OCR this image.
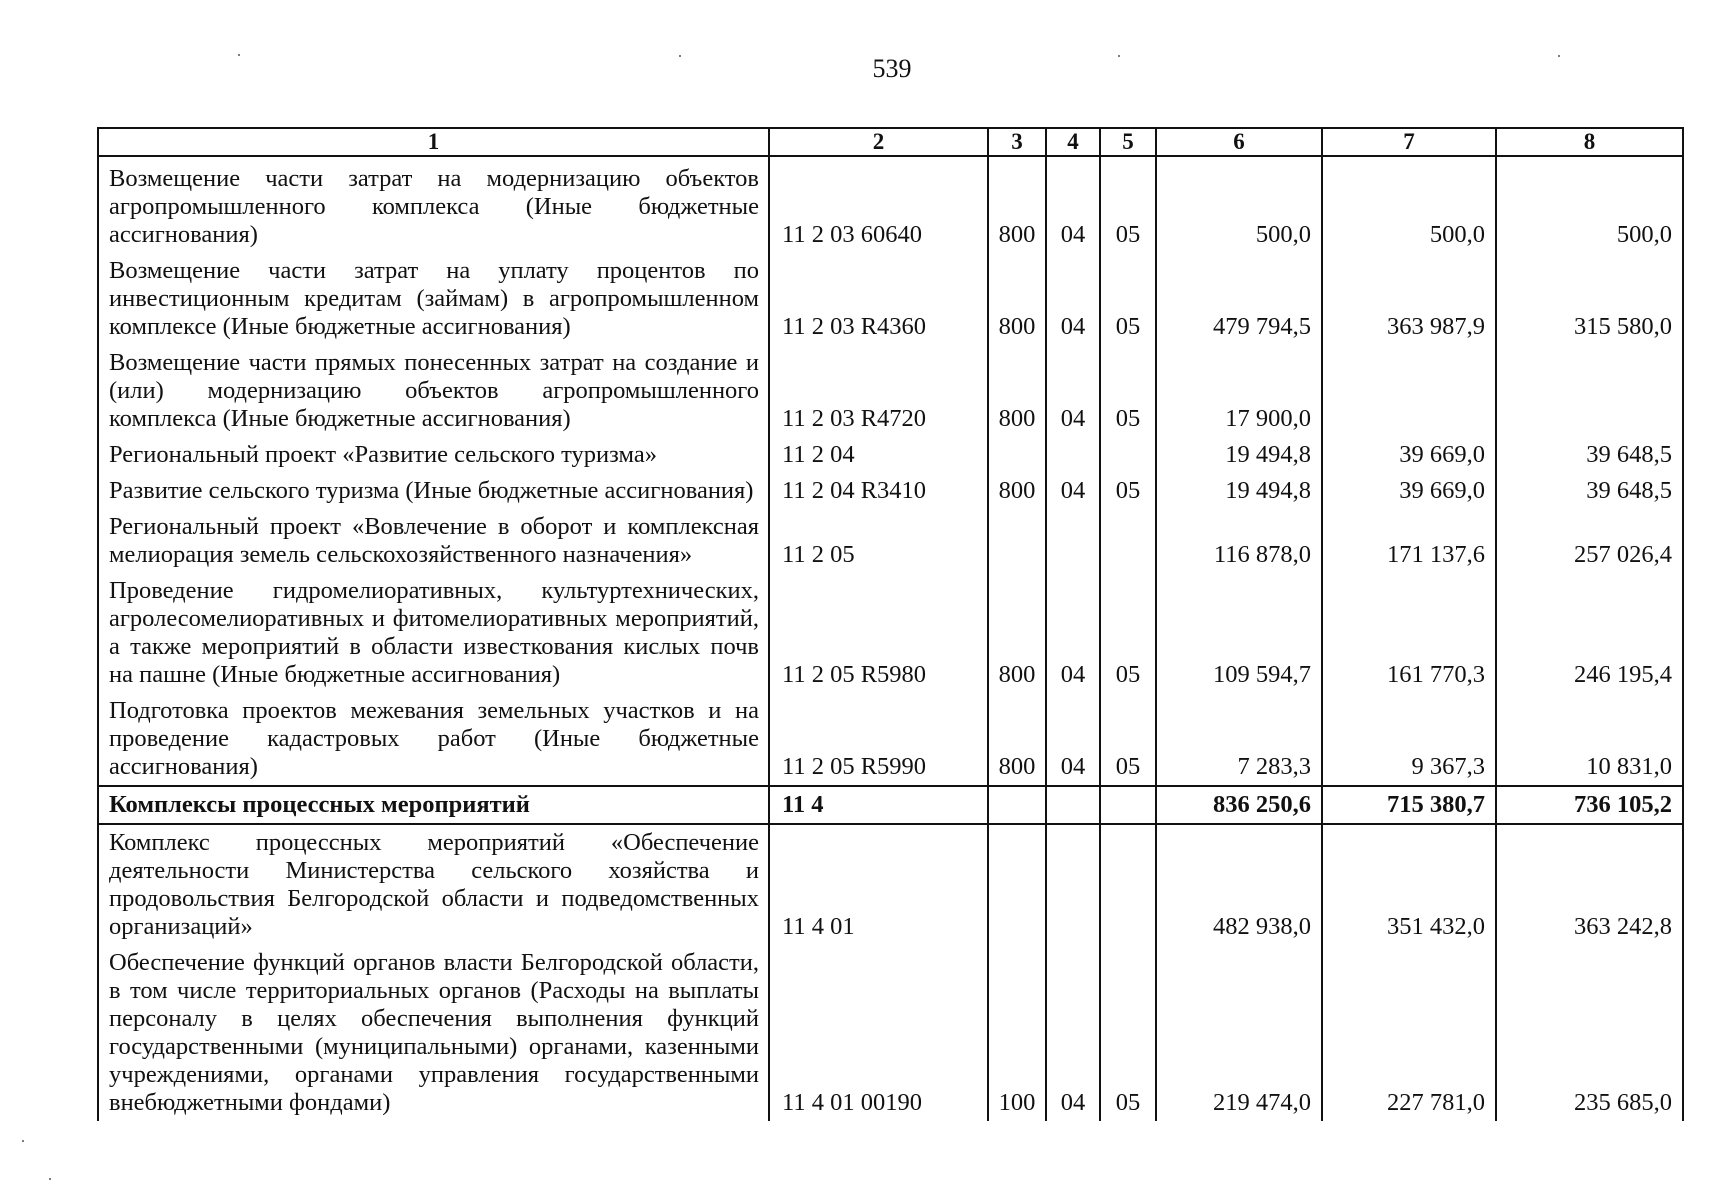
539
1	2	3	4	5	6	7	8
Возмещение части затрат на модернизацию объектов агропромышленного комплекса (Иные бюджетные ассигнования)	11 2 03 60640	800	04	05	500,0	500,0	500,0
Возмещение части затрат на уплату процентов по инвестиционным кредитам (займам) в агропромышленном комплексе (Иные бюджетные ассигнования)	11 2 03 R4360	800	04	05	479 794,5	363 987,9	315 580,0
Возмещение части прямых понесенных затрат на создание и (или) модернизацию объектов агропромышленного комплекса (Иные бюджетные ассигнования)	11 2 03 R4720	800	04	05	17 900,0		
Региональный проект «Развитие сельского туризма»	11 2 04				19 494,8	39 669,0	39 648,5
Развитие сельского туризма (Иные бюджетные ассигнования)	11 2 04 R3410	800	04	05	19 494,8	39 669,0	39 648,5
Региональный проект «Вовлечение в оборот и комплексная мелиорация земель сельскохозяйственного назначения»	11 2 05				116 878,0	171 137,6	257 026,4
Проведение гидромелиоративных, культуртехнических, агролесомелиоративных и фитомелиоративных мероприятий, а также мероприятий в области известкования кислых почв на пашне (Иные бюджетные ассигнования)	11 2 05 R5980	800	04	05	109 594,7	161 770,3	246 195,4
Подготовка проектов межевания земельных участков и на проведение кадастровых работ (Иные бюджетные ассигнования)	11 2 05 R5990	800	04	05	7 283,3	9 367,3	10 831,0
Комплексы процессных мероприятий	11 4				836 250,6	715 380,7	736 105,2
Комплекс процессных мероприятий «Обеспечение деятельности Министерства сельского хозяйства и продовольствия Белгородской области и подведомственных организаций»	11 4 01				482 938,0	351 432,0	363 242,8
Обеспечение функций органов власти Белгородской области, в том числе территориальных органов (Расходы на выплаты персоналу в целях обеспечения выполнения функций государственными (муниципальными) органами, казенными учреждениями, органами управления государственными внебюджетными фондами)	11 4 01 00190	100	04	05	219 474,0	227 781,0	235 685,0
